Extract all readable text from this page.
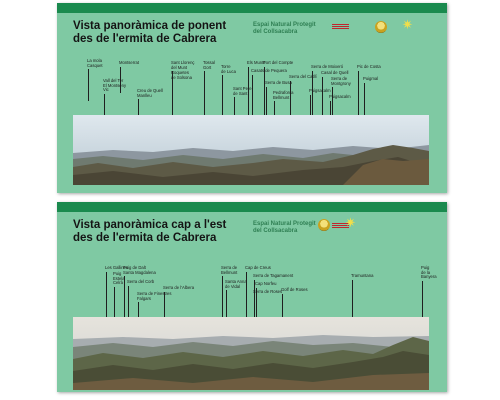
Vista panoràmica de ponent
des de l'ermita de Cabrera
Espai Natural Protegit
del Collsacabra	✷
La mola
Casquet
Montserrat
Vall del Ter
El Montseny
Vic	Creu de Quell
Manlleu
Sant Llorenç
del Munt
Roquetes
de Solsona
Tossal
Gort	Torre
de Luca
Sant Pere
de Sant
Els Munts
Port del Compte
Casats de Pequera
Serra de Busa
Pedraforca
Bellmunt
Serra del Catllí
Serra de Moixeró
Casal de Quell
Puigsacalm
Serra de
Montgrony
Puigsacalm
Pic de Costa
Puigmal
Vista panoràmica cap a l'est
des de l'ermita de Cabrera
Espai Natural Protegit
del Collsacabra
✷
Les Gallines
Puig
Estela
Celrà
Puig de Dalt
Santa Magdalena
Serra del Corb
Serra de Finestres
Falgars
Serra de l'Albera
Serra de
Bellmunt
Santa Anna
de Vidal
Cap de Creus
Serra de Tagamanent
Cap Norfeu
Serra de Roses
Golf de Roses
Tramuntana
Puig
de la
Banyera
